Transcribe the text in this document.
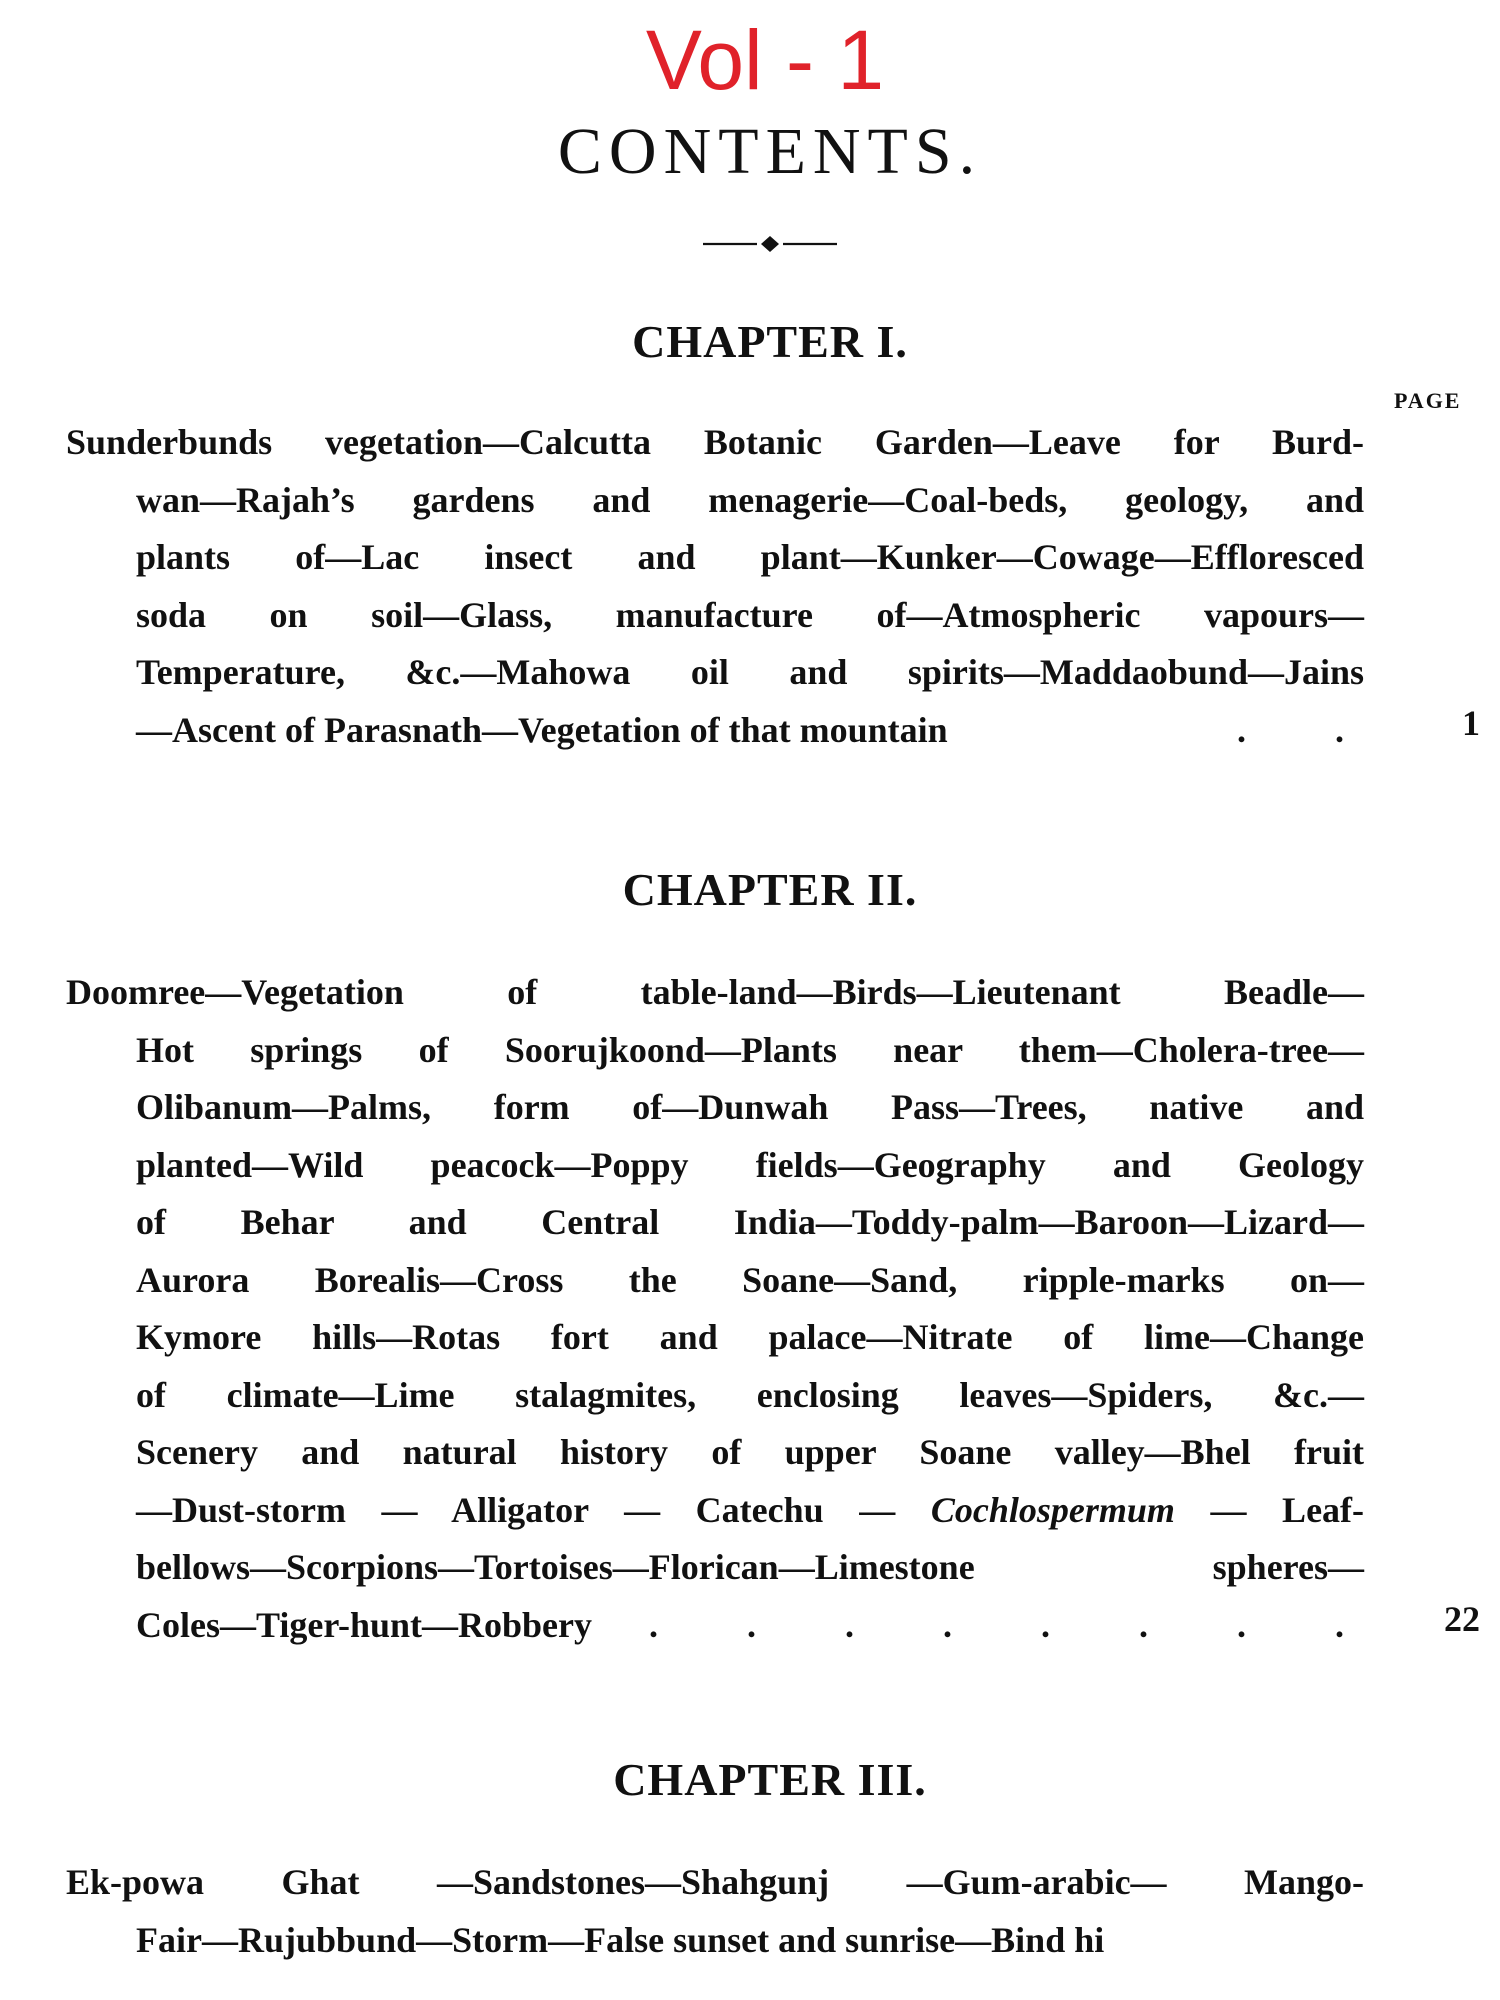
Vol - 1
CONTENTS.
CHAPTER I.
PAGE
Sunderbunds vegetation—Calcutta Botanic Garden—Leave for Burd-
wan—Rajah’s gardens and menagerie—Coal-beds, geology, and
plants of—Lac insect and plant—Kunker—Cowage—Effloresced
soda on soil—Glass, manufacture of—Atmospheric vapours—
Temperature, &c.—Mahowa oil and spirits—Maddaobund—Jains
—Ascent of Parasnath—Vegetation of that mountain	. .	1
CHAPTER II.
Doomree—Vegetation of table-land—Birds—Lieutenant Beadle—
Hot springs of Soorujkoond—Plants near them—Cholera-tree—
Olibanum—Palms, form of—Dunwah Pass—Trees, native and
planted—Wild peacock—Poppy fields—Geography and Geology
of Behar and Central India—Toddy-palm—Baroon—Lizard—
Aurora Borealis—Cross the Soane—Sand, ripple-marks on—
Kymore hills—Rotas fort and palace—Nitrate of lime—Change
of climate—Lime stalagmites, enclosing leaves—Spiders, &c.—
Scenery and natural history of upper Soane valley—Bhel fruit
—Dust-storm — Alligator — Catechu — Cochlospermum — Leaf-
bellows—Scorpions—Tortoises—Florican—Limestone spheres—
Coles—Tiger-hunt—Robbery . . . . . . . .	22
CHAPTER III.
Ek-powa Ghat —Sandstones—Shahgunj —Gum-arabic— Mango-
Fair—Rujubbund—Storm—False sunset and sunrise—Bind hi
